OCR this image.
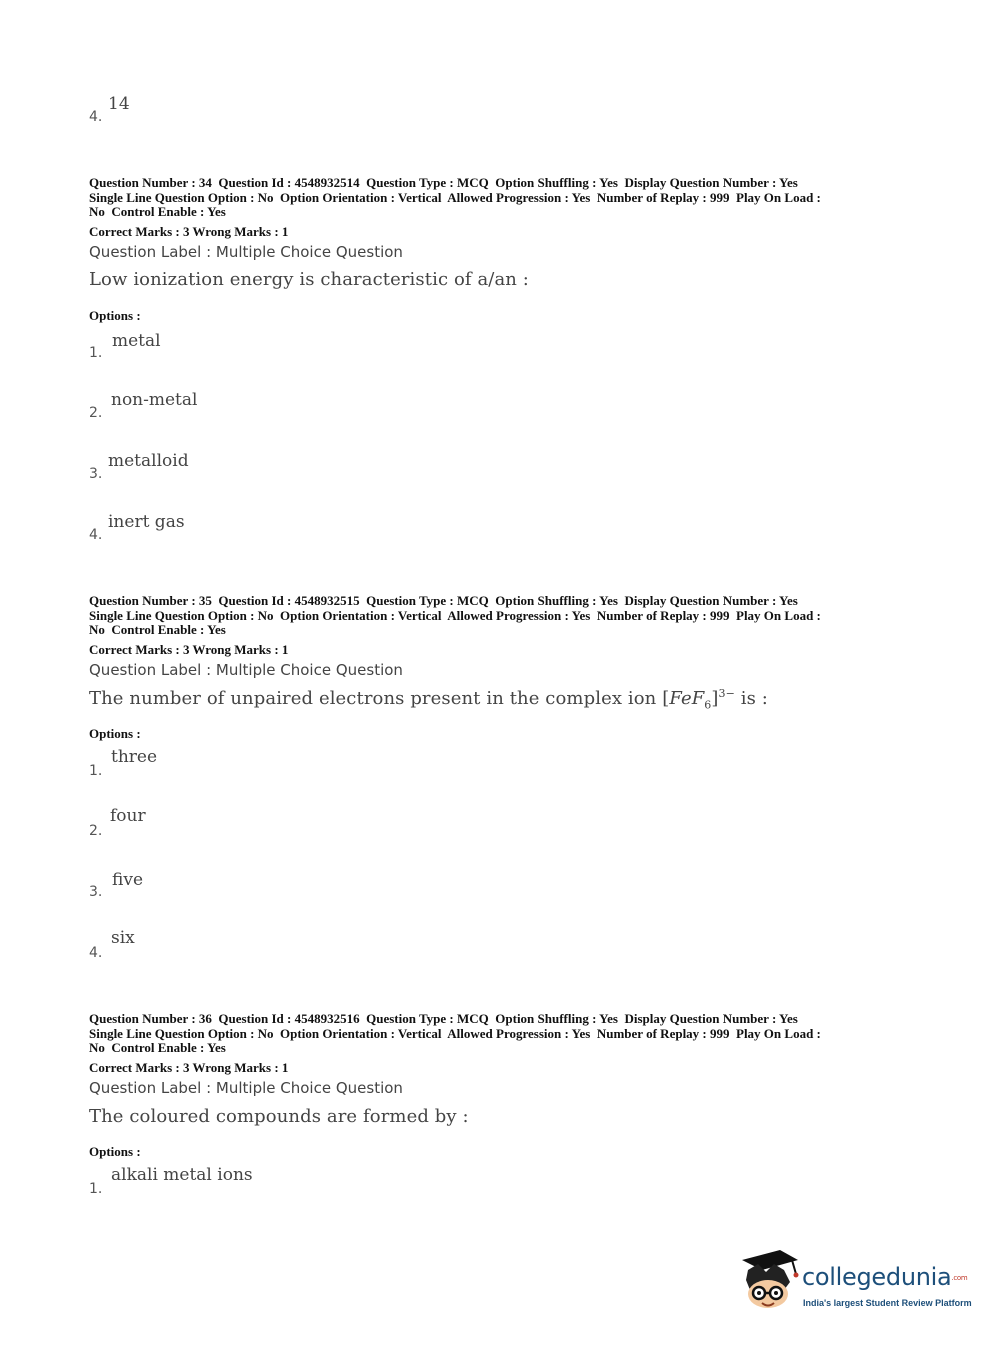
4.
14
Question Number : 34  Question Id : 4548932514  Question Type : MCQ  Option Shuffling : Yes  Display Question Number : Yes
Single Line Question Option : No  Option Orientation : Vertical  Allowed Progression : Yes  Number of Replay : 999  Play On Load :
No  Control Enable : Yes
Correct Marks : 3 Wrong Marks : 1
Question Label : Multiple Choice Question
Low ionization energy is characteristic of a/an :
Options :
1.
metal
2.
non-metal
3.
metalloid
4.
inert gas
Question Number : 35  Question Id : 4548932515  Question Type : MCQ  Option Shuffling : Yes  Display Question Number : Yes
Single Line Question Option : No  Option Orientation : Vertical  Allowed Progression : Yes  Number of Replay : 999  Play On Load :
No  Control Enable : Yes
Correct Marks : 3 Wrong Marks : 1
Question Label : Multiple Choice Question
The number of unpaired electrons present in the complex ion $[FeF_6]^{3-}$ is :
Options :
1.
three
2.
four
3.
five
4.
six
Question Number : 36  Question Id : 4548932516  Question Type : MCQ  Option Shuffling : Yes  Display Question Number : Yes
Single Line Question Option : No  Option Orientation : Vertical  Allowed Progression : Yes  Number of Replay : 999  Play On Load :
No  Control Enable : Yes
Correct Marks : 3 Wrong Marks : 1
Question Label : Multiple Choice Question
The coloured compounds are formed by :
Options :
1.
alkali metal ions
collegedunia.com
India's largest Student Review Platform
